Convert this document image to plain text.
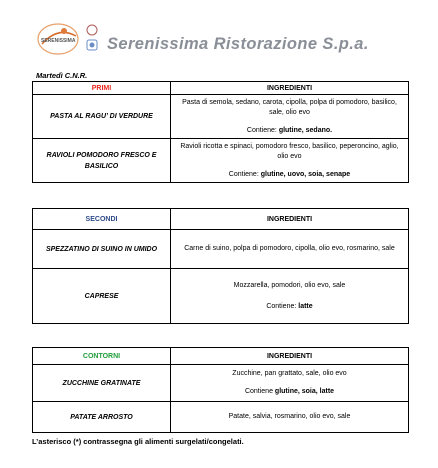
SERENISSIMA Serenissima Ristorazione S.p.a.
Martedì C.N.R.
PRIMI	INGREDIENTI
PASTA AL RAGU’ DI VERDURE	Pasta di semola, sedano, carota, cipolla, polpa di pomodoro, basilico, sale, olio evo
Contiene: glutine, sedano.

RAVIOLI POMODORO FRESCO E BASILICO	Ravioli ricotta e spinaci, pomodoro fresco, basilico, peperoncino, aglio, olio evo
Contiene: glutine, uovo, soia, senape
SECONDI	INGREDIENTI
SPEZZATINO DI SUINO IN UMIDO	Carne di suino, polpa di pomodoro, cipolla, olio evo, rosmarino, sale
CAPRESE	Mozzarella, pomodori, olio evo, sale
Contiene: latte
CONTORNI	INGREDIENTI
ZUCCHINE GRATINATE	Zucchine, pan grattato, sale, olio evo
Contiene glutine, soia, latte

PATATE ARROSTO	Patate, salvia, rosmarino, olio evo, sale
L’asterisco (*) contrassegna gli alimenti surgelati/congelati.
